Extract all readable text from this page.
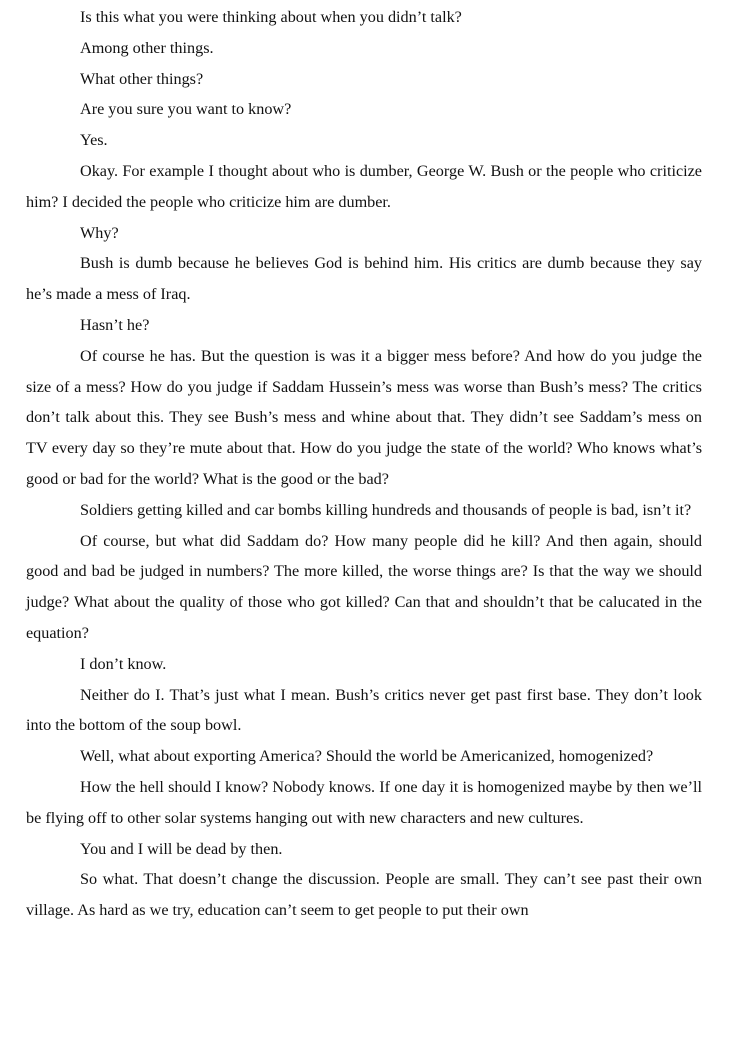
Is this what you were thinking about when you didn’t talk?

Among other things.

What other things?

Are you sure you want to know?

Yes.

Okay. For example I thought about who is dumber, George W. Bush or the people who criticize him? I decided the people who criticize him are dumber.

Why?

Bush is dumb because he believes God is behind him. His critics are dumb because they say he’s made a mess of Iraq.

Hasn’t he?

Of course he has. But the question is was it a bigger mess before? And how do you judge the size of a mess? How do you judge if Saddam Hussein’s mess was worse than Bush’s mess? The critics don’t talk about this. They see Bush’s mess and whine about that. They didn’t see Saddam’s mess on TV every day so they’re mute about that. How do you judge the state of the world? Who knows what’s good or bad for the world? What is the good or the bad?

Soldiers getting killed and car bombs killing hundreds and thousands of people is bad, isn’t it?

Of course, but what did Saddam do? How many people did he kill? And then again, should good and bad be judged in numbers? The more killed, the worse things are? Is that the way we should judge? What about the quality of those who got killed? Can that and shouldn’t that be calucated in the equation?

I don’t know.

Neither do I. That’s just what I mean. Bush’s critics never get past first base. They don’t look into the bottom of the soup bowl.

Well, what about exporting America? Should the world be Americanized, homogenized?

How the hell should I know? Nobody knows. If one day it is homogenized maybe by then we’ll be flying off to other solar systems hanging out with new characters and new cultures.

You and I will be dead by then.

So what. That doesn’t change the discussion. People are small. They can’t see past their own village. As hard as we try, education can’t seem to get people to put their own
